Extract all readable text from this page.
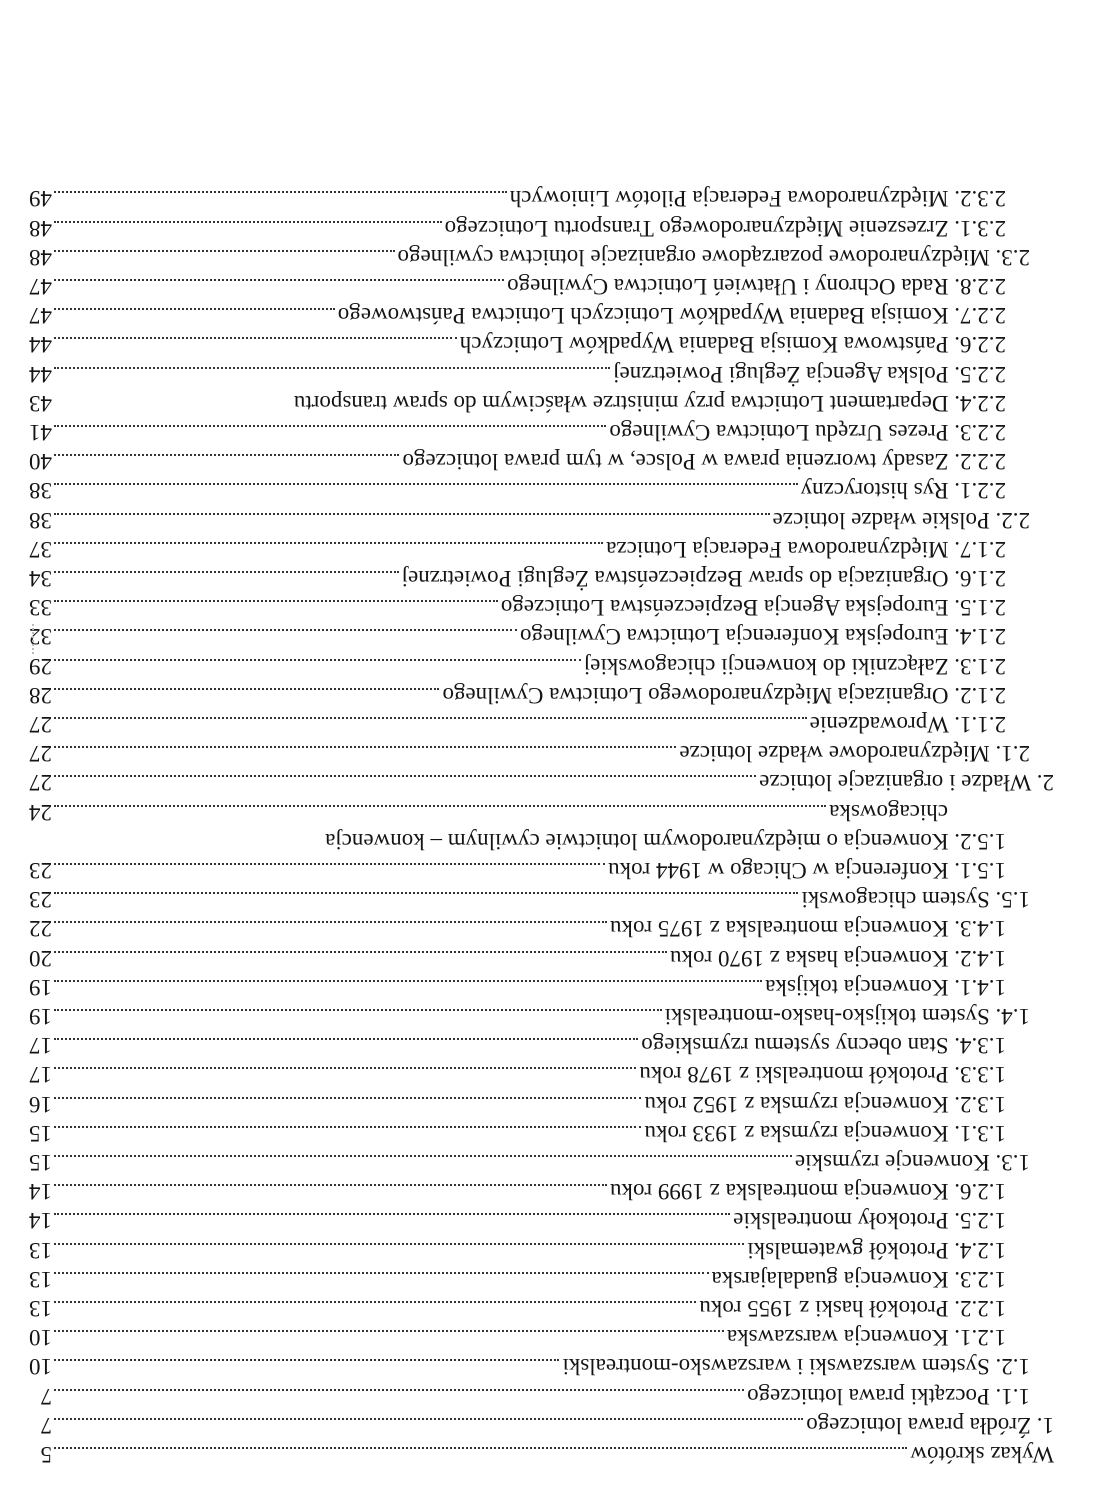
Wykaz skrótów
5
1. Źródła prawa lotniczego
7
1.1. Początki prawa lotniczego
7
1.2. System warszawski i warszawsko-montrealski
10
1.2.1. Konwencja warszawska
10
1.2.2. Protokół haski z 1955 roku
13
1.2.3. Konwencja guadalajarska
13
1.2.4. Protokół gwatemalski
13
1.2.5. Protokoły montrealskie
14
1.2.6. Konwencja montrealska z 1999 roku
14
1.3. Konwencje rzymskie
15
1.3.1. Konwencja rzymska z 1933 roku
15
1.3.2. Konwencja rzymska z 1952 roku
16
1.3.3. Protokół montrealski z 1978 roku
17
1.3.4. Stan obecny systemu rzymskiego
17
1.4. System tokijsko-hasko-montrealski
19
1.4.1. Konwencja tokijska
19
1.4.2. Konwencja haska z 1970 roku
20
1.4.3. Konwencja montrealska z 1975 roku
22
1.5. System chicagowski
23
1.5.1. Konferencja w Chicago w 1944 roku
23
1.5.2. Konwencja o międzynarodowym lotnictwie cywilnym – konwencja
chicagowska
24
2. Władze i organizacje lotnicze
27
2.1. Międzynarodowe władze lotnicze
27
2.1.1. Wprowadzenie
27
2.1.2. Organizacja Międzynarodowego Lotnictwa Cywilnego
28
2.1.3. Załączniki do konwencji chicagowskiej
29
2.1.4. Europejska Konferencja Lotnictwa Cywilnego
32
2.1.5. Europejska Agencja Bezpieczeństwa Lotniczego
33
2.1.6. Organizacja do spraw Bezpieczeństwa Żeglugi Powietrznej
34
2.1.7. Międzynarodowa Federacja Lotnicza
37
2.2. Polskie władze lotnicze
38
2.2.1. Rys historyczny
38
2.2.2. Zasady tworzenia prawa w Polsce, w tym prawa lotniczego
40
2.2.3. Prezes Urzędu Lotnictwa Cywilnego
41
2.2.4. Departament Lotnictwa przy ministrze właściwym do spraw transportu
43
2.2.5. Polska Agencja Żeglugi Powietrznej
44
2.2.6. Państwowa Komisja Badania Wypadków Lotniczych
44
2.2.7. Komisja Badania Wypadków Lotniczych Lotnictwa Państwowego
47
2.2.8. Rada Ochrony i Ułatwień Lotnictwa Cywilnego
47
2.3. Międzynarodowe pozarządowe organizacje lotnictwa cywilnego
48
2.3.1. Zrzeszenie Międzynarodowego Transportu Lotniczego
48
2.3.2. Międzynarodowa Federacja Pilotów Liniowych
49
